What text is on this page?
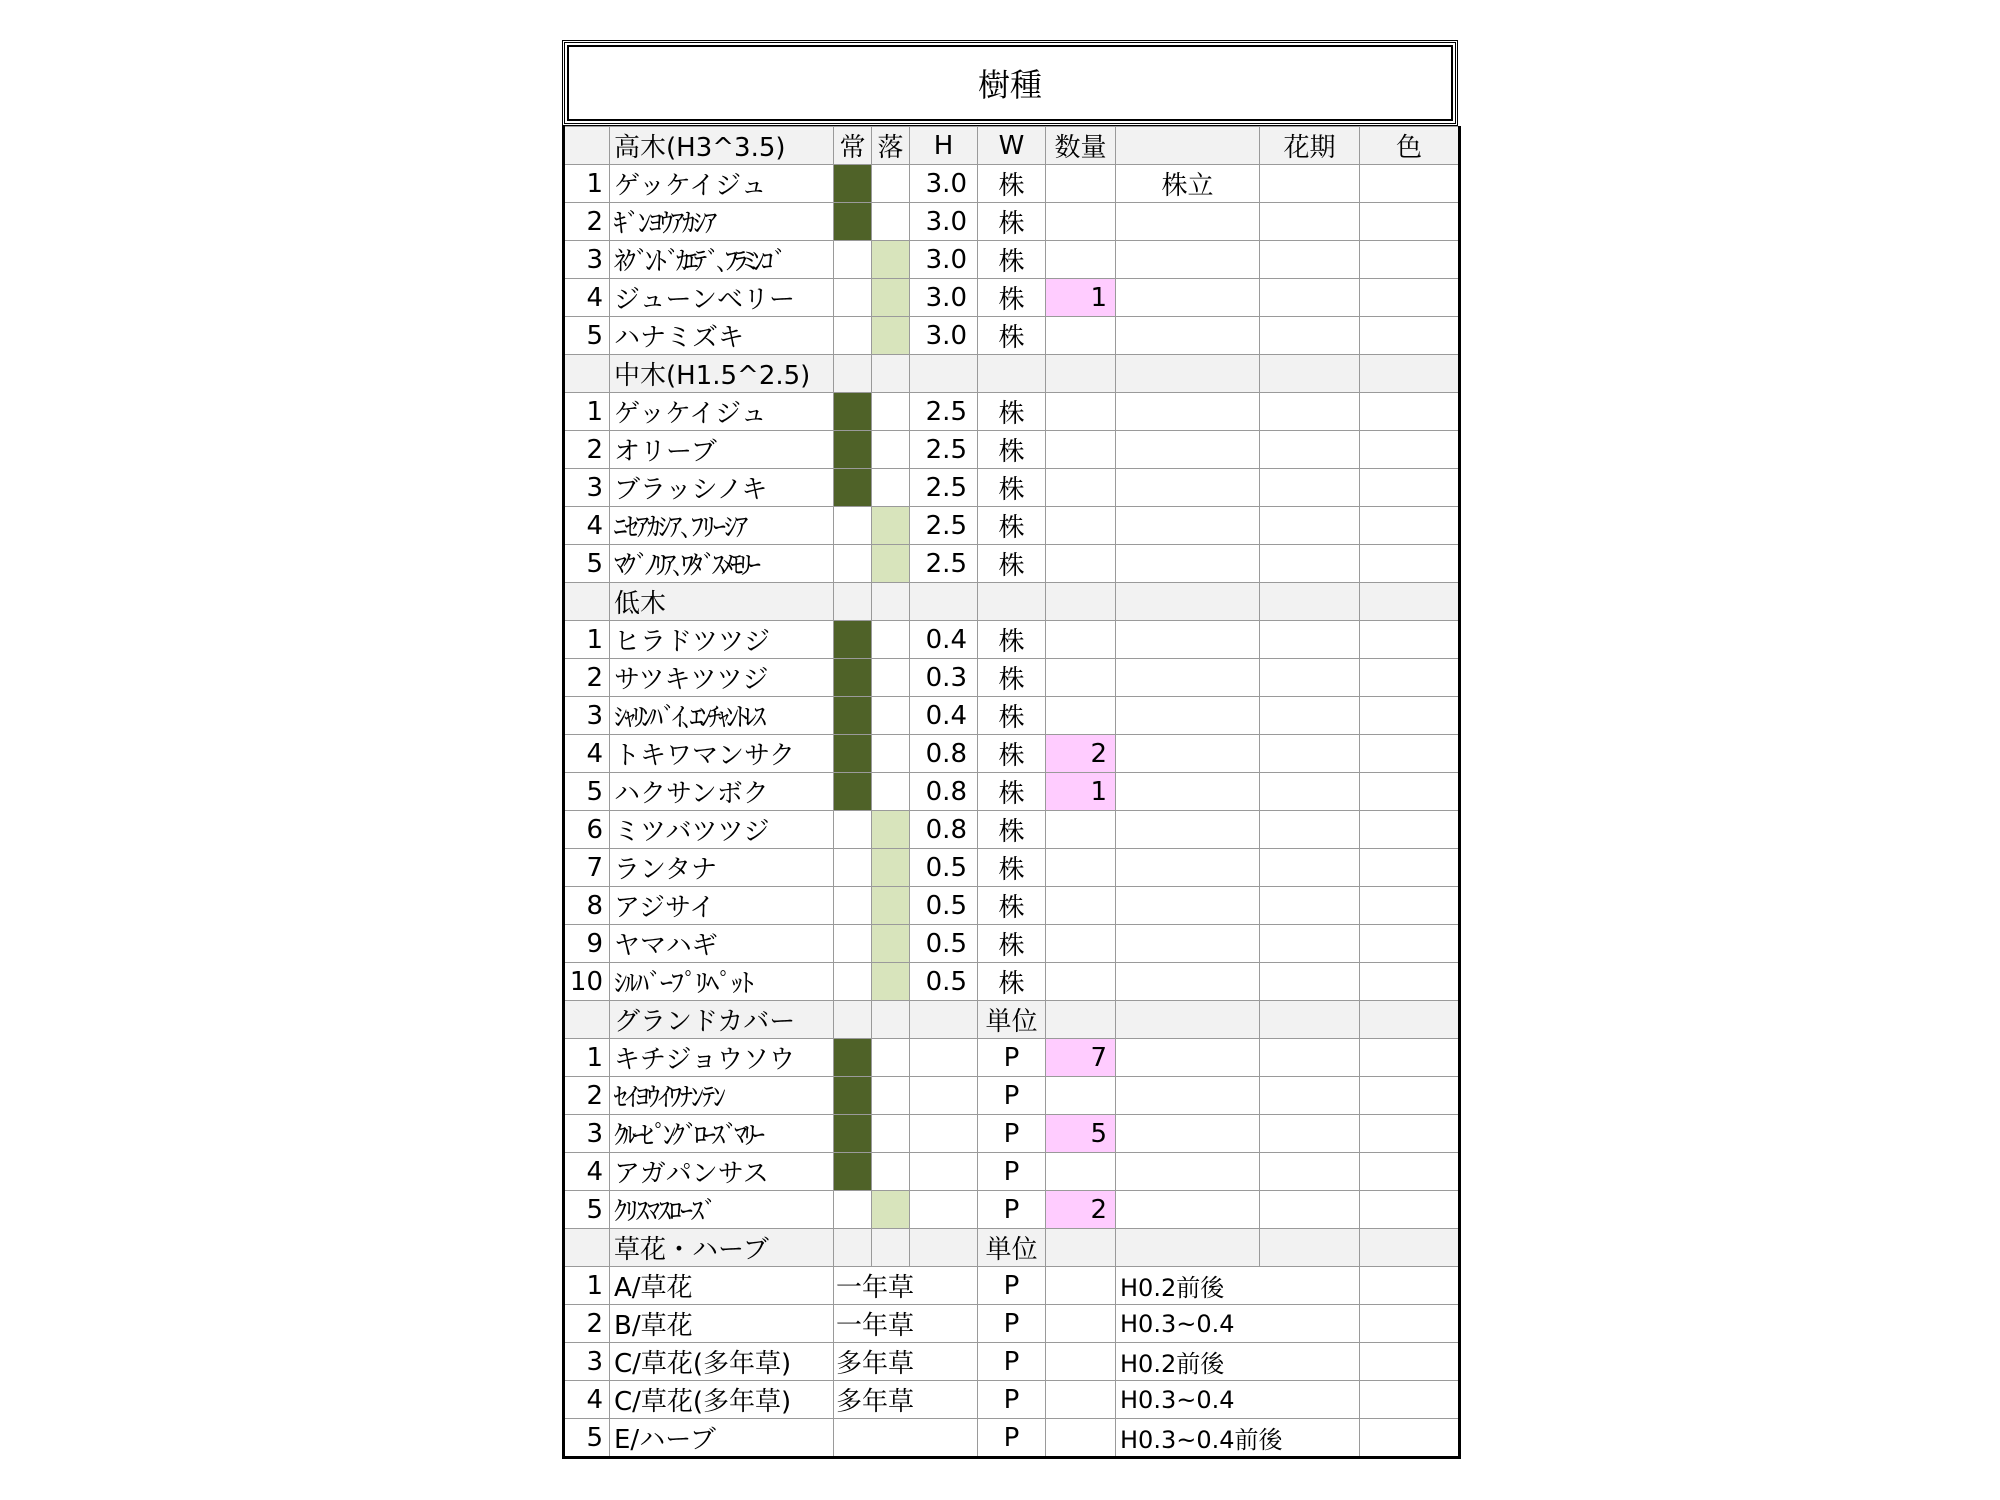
樹種
	高木(H3^3.5)	常	落	H	W	数量		花期	色
1	ゲッケイジュ			3.0	株		株立		
2	ｷﾞﾝﾖｳｱｶｼｱ			3.0	株				
3	ﾈｸﾞﾝﾄﾞｶｴﾃﾞ､ﾌﾗﾐﾝｺﾞ			3.0	株				
4	ジューンベリー			3.0	株	1			
5	ハナミズキ			3.0	株				
	中木(H1.5^2.5)								
1	ゲッケイジュ			2.5	株				
2	オリーブ			2.5	株				
3	ブラッシノキ			2.5	株				
4	ﾆｾｱｶｼｱ､ﾌﾘｰｼｱ			2.5	株				
5	ﾏｸﾞﾉﾘｱ､ﾜﾀﾞｽﾒﾓﾘｰ			2.5	株				
	低木								
1	ヒラドツツジ			0.4	株				
2	サツキツツジ			0.3	株				
3	ｼｬﾘﾝﾊﾞｲ､ｴﾝﾁｬﾝﾄﾚｽ			0.4	株				
4	トキワマンサク			0.8	株	2			
5	ハクサンボク			0.8	株	1			
6	ミツバツツジ			0.8	株				
7	ランタナ			0.5	株				
8	アジサイ			0.5	株				
9	ヤマハギ			0.5	株				
10	ｼﾙﾊﾞｰﾌﾟﾘﾍﾟｯﾄ			0.5	株				
	グランドカバー				単位				
1	キチジョウソウ				P	7			
2	ｾｲﾖｳｲﾜﾅﾝﾃﾝ				P				
3	ｸﾙｰﾋﾟﾝｸﾞﾛｰｽﾞﾏﾘｰ				P	5			
4	アガパンサス				P				
5	ｸﾘｽﾏｽﾛｰｽﾞ				P	2			
	草花・ハーブ				単位				
1	A/草花	一年草			P		H0.2前後		
2	B/草花	一年草			P		H0.3~0.4		
3	C/草花(多年草)	多年草			P		H0.2前後		
4	C/草花(多年草)	多年草			P		H0.3~0.4		
5	E/ハーブ				P		H0.3~0.4前後		
